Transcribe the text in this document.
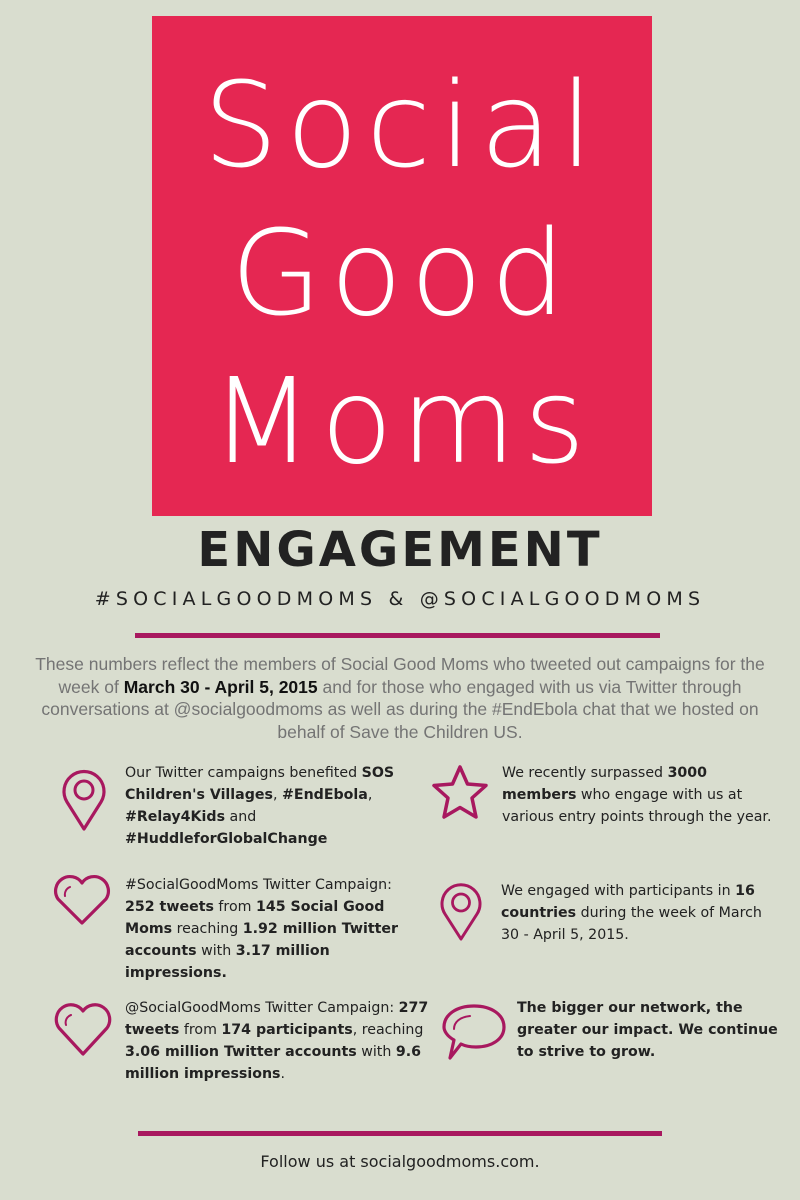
Social
Good
Moms
ENGAGEMENT
#SOCIALGOODMOMS & @SOCIALGOODMOMS
These numbers reflect the members of Social Good Moms who tweeted out campaigns for the week of March 30 - April 5, 2015 and for those who engaged with us via Twitter through conversations at @socialgoodmoms as well as during the #EndEbola chat that we hosted on behalf of Save the Children US.
Our Twitter campaigns benefited SOS Children's Villages, #EndEbola, #Relay4Kids and #HuddleforGlobalChange
We recently surpassed 3000 members who engage with us at various entry points through the year.
#SocialGoodMoms Twitter Campaign: 252 tweets from 145 Social Good Moms reaching 1.92 million Twitter accounts with 3.17 million impressions.
We engaged with participants in 16 countries during the week of March 30 - April 5, 2015.
@SocialGoodMoms Twitter Campaign: 277 tweets from 174 participants, reaching 3.06 million Twitter accounts with 9.6 million impressions.
The bigger our network, the greater our impact. We continue to strive to grow.
Follow us at socialgoodmoms.com.
